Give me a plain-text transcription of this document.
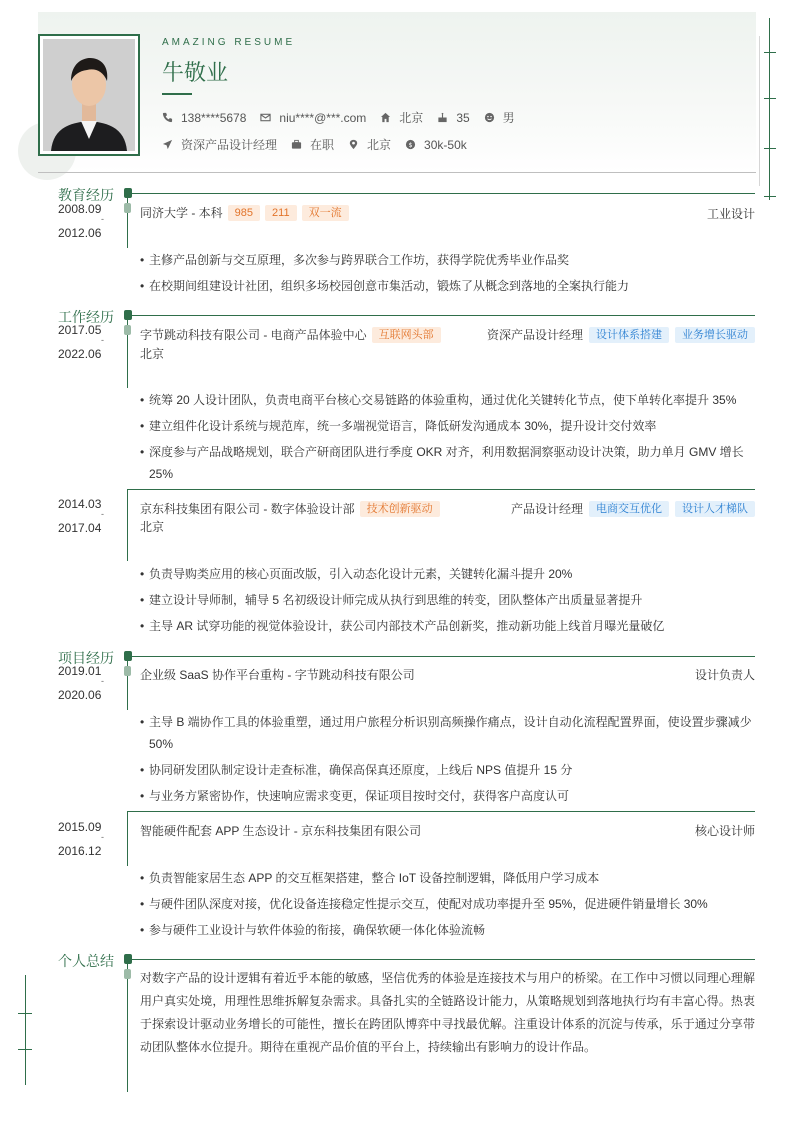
AMAZING RESUME
牛敬业
138****5678	niu****@***.com	北京	35	男
资深产品设计经理	在职	北京 $ 30k-50k
教育经历
2008.09
-
2012.06
同济大学 - 本科	985	211	双一流	工业设计
• 主修产品创新与交互原理，多次参与跨界联合工作坊，获得学院优秀毕业作品奖
• 在校期间组建设计社团，组织多场校园创意市集活动，锻炼了从概念到落地的全案执行能力
工作经历
2017.05
-
2022.06
字节跳动科技有限公司 - 电商产品体验中心	互联网头部	资深产品设计经理	设计体系搭建	业务增长驱动
北京
• 统筹 20 人设计团队，负责电商平台核心交易链路的体验重构，通过优化关键转化节点，使下单转化率提升 35%
• 建立组件化设计系统与规范库，统一多端视觉语言，降低研发沟通成本 30%，提升设计交付效率
• 深度参与产品战略规划，联合产研商团队进行季度 OKR 对齐，利用数据洞察驱动设计决策，助力单月 GMV 增长 25%
2014.03
-
2017.04
京东科技集团有限公司 - 数字体验设计部	技术创新驱动	产品设计经理	电商交互优化	设计人才梯队
北京
• 负责导购类应用的核心页面改版，引入动态化设计元素，关键转化漏斗提升 20%
• 建立设计导师制，辅导 5 名初级设计师完成从执行到思维的转变，团队整体产出质量显著提升
• 主导 AR 试穿功能的视觉体验设计，获公司内部技术产品创新奖，推动新功能上线首月曝光量破亿
项目经历
2019.01
-
2020.06
企业级 SaaS 协作平台重构 - 字节跳动科技有限公司	设计负责人
• 主导 B 端协作工具的体验重塑，通过用户旅程分析识别高频操作痛点，设计自动化流程配置界面，使设置步骤减少 50%
• 协同研发团队制定设计走查标准，确保高保真还原度，上线后 NPS 值提升 15 分
• 与业务方紧密协作，快速响应需求变更，保证项目按时交付，获得客户高度认可
2015.09
-
2016.12
智能硬件配套 APP 生态设计 - 京东科技集团有限公司	核心设计师
• 负责智能家居生态 APP 的交互框架搭建，整合 IoT 设备控制逻辑，降低用户学习成本
• 与硬件团队深度对接，优化设备连接稳定性提示交互，使配对成功率提升至 95%，促进硬件销量增长 30%
• 参与硬件工业设计与软件体验的衔接，确保软硬一体化体验流畅
个人总结
对数字产品的设计逻辑有着近乎本能的敏感，坚信优秀的体验是连接技术与用户的桥梁。在工作中习惯以同理心理解用户真实处境，用理性思维拆解复杂需求。具备扎实的全链路设计能力，从策略规划到落地执行均有丰富心得。热衷于探索设计驱动业务增长的可能性，擅长在跨团队博弈中寻找最优解。注重设计体系的沉淀与传承，乐于通过分享带动团队整体水位提升。期待在重视产品价值的平台上，持续输出有影响力的设计作品。
